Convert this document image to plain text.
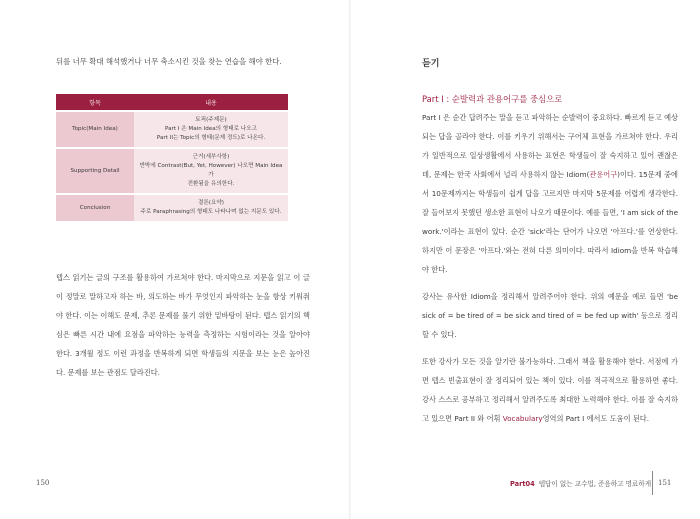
뒤를 너무 확대 해석했거나 너무 축소시킨 것을 찾는 연습을 해야 한다.
항목	내용
Topic(Main Idea)	토픽(주제문)
Part I 은 Main Idea의 형태로 나오고
Part II는 Topic의 형태(문제 정도)로 나온다.

Supporting Detail	근거(세부사항)
반박에 Contrast(But, Yet, However) 나오면 Main Idea가
전환됨을 유의한다.

Conclusion	결론(요약)
주로 Paraphrasing의 형태도 나타나며 없는 지문도 있다.
텝스 읽기는 글의 구조를 활용하여 가르쳐야 한다. 마지막으로 지문을 읽고 이 글이 정말로 말하고자 하는 바, 의도하는 바가 무엇인지 파악하는 눈을 항상 키워줘야 한다. 이는 이해도 문제, 추론 문제를 풀기 위한 밑바탕이 된다. 텝스 읽기의 핵심은 빠른 시간 내에 요점을 파악하는 능력을 측정하는 시험이라는 것을 알아야 한다. 3개월 정도 이런 과정을 반복하게 되면 학생들의 지문을 보는 눈은 높아진다. 문제를 보는 관점도 달라진다.
150
듣기
Part I : 순발력과 관용어구를 중심으로

Part I 은 순간 답려주는 말을 듣고 파악하는 순발력이 중요하다. 빠르게 듣고 예상되는 답을 골라야 한다. 이를 키우기 위해서는 구어체 표현을 가르쳐야 한다. 우리가 일반적으로 일상생활에서 사용하는 표현은 학생들이 잘 숙지하고 있어 괜찮은데, 문제는 한국 사회에서 널리 사용하지 않는 Idiom(관용어구)이다. 15문제 중에서 10문제까지는 학생들이 쉽게 답을 고르지만 마지막 5문제를 어렵게 생각한다. 잘 들어보지 못했던 생소한 표현이 나오기 때문이다. 예를 들면, 'I am sick of the work.'이라는 표현이 있다. 순간 'sick'라는 단어가 나오면 '아프다.'를 연상한다. 하지만 이 문장은 '아프다.'와는 전혀 다른 의미이다. 따라서 Idiom을 반복 학습해야 한다.

강사는 유사한 Idiom을 정리해서 알려주어야 한다. 위의 예문을 예로 들면 'be sick of = be tired of = be sick and tired of = be fed up with' 등으로 정리할 수 있다.

또한 강사가 모든 것을 알기란 불가능하다. 그래서 책을 활용해야 한다. 서점에 가면 텝스 빈출표현이 잘 정리되어 있는 책이 있다. 이를 적극적으로 활용하면 좋다. 강사 스스로 공부하고 정리해서 알려주도록 최대한 노력해야 한다. 이를 잘 숙지하고 있으면 Part II 와 어휘 Vocabulary영역의 Part I 에서도 도움이 된다.

Part04 텝답이 없는 교수법, 준음하고 명료하게 151
